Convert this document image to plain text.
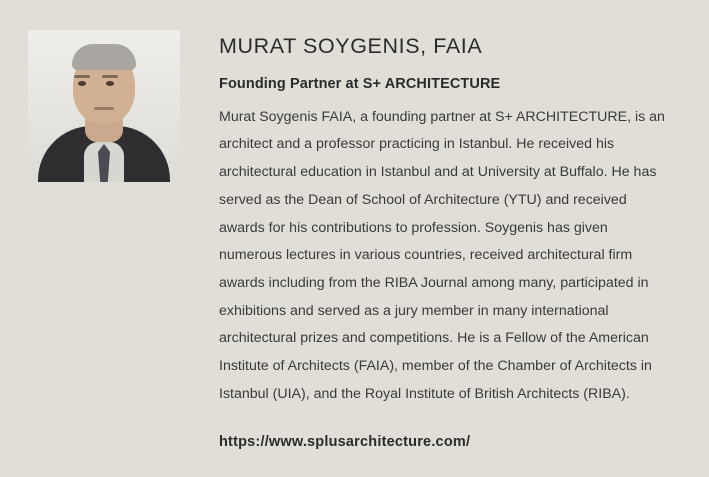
MURAT SOYGENIS, FAIA
Founding Partner at S+ ARCHITECTURE

Murat Soygenis FAIA, a founding partner at S+ ARCHITECTURE, is an architect and a professor practicing in Istanbul. He received his architectural education in Istanbul and at University at Buffalo. He has served as the Dean of School of Architecture (YTU) and received awards for his contributions to profession. Soygenis has given numerous lectures in various countries, received architectural firm awards including from the RIBA Journal among many, participated in exhibitions and served as a jury member in many international architectural prizes and competitions. He is a Fellow of the American Institute of Architects (FAIA), member of the Chamber of Architects in Istanbul (UIA), and the Royal Institute of British Architects (RIBA).

https://www.splusarchitecture.com/
